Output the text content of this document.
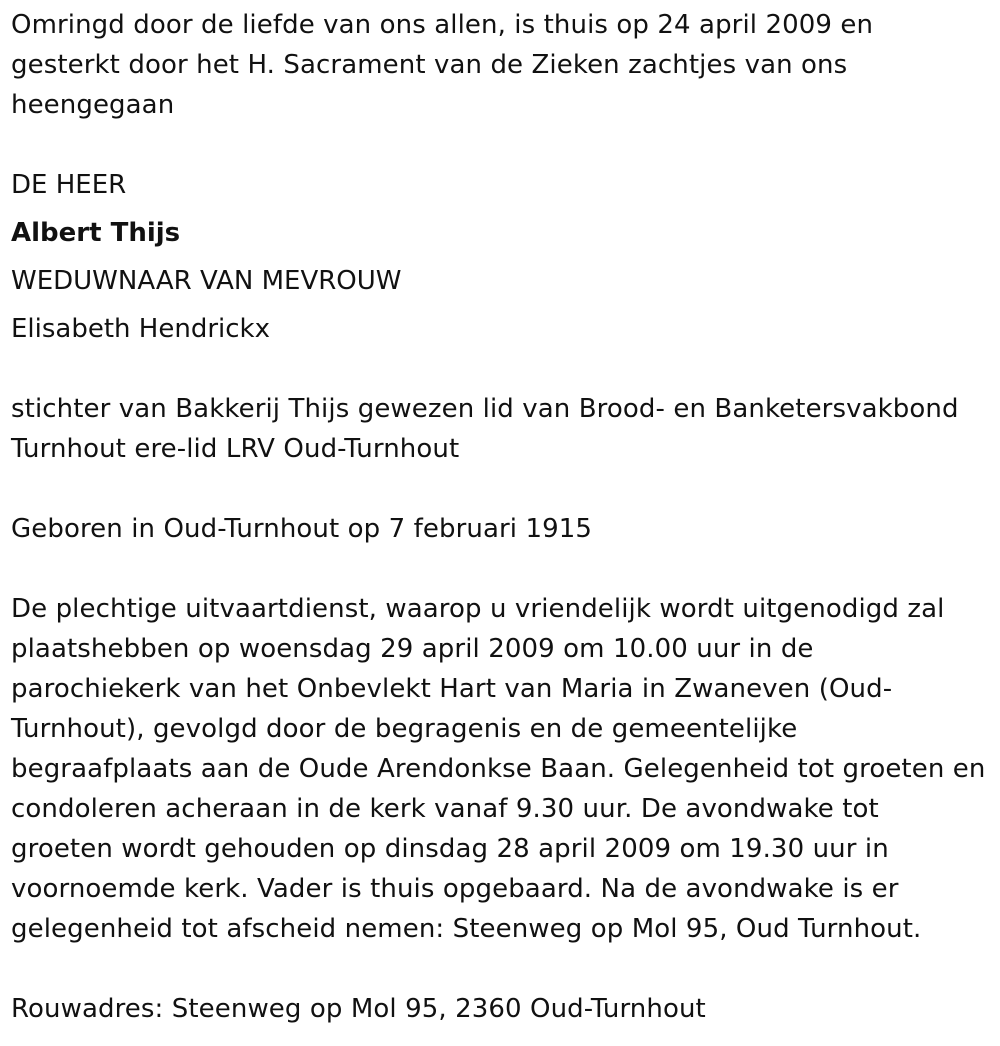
Omringd door de liefde van ons allen, is thuis op 24 april 2009 en gesterkt door het H. Sacrament van de Zieken zachtjes van ons heengegaan

DE HEER

Albert Thijs

WEDUWNAAR VAN MEVROUW

Elisabeth Hendrickx

stichter van Bakkerij Thijs gewezen lid van Brood- en Banketersvakbond Turnhout ere-lid LRV Oud-Turnhout

Geboren in Oud-Turnhout op 7 februari 1915

De plechtige uitvaartdienst, waarop u vriendelijk wordt uitgenodigd zal plaatshebben op woensdag 29 april 2009 om 10.00 uur in de parochiekerk van het Onbevlekt Hart van Maria in Zwaneven (Oud-Turnhout), gevolgd door de begragenis en de gemeentelijke begraafplaats aan de Oude Arendonkse Baan. Gelegenheid tot groeten en condoleren acheraan in de kerk vanaf 9.30 uur. De avondwake tot groeten wordt gehouden op dinsdag 28 april 2009 om 19.30 uur in voornoemde kerk. Vader is thuis opgebaard. Na de avondwake is er gelegenheid tot afscheid nemen: Steenweg op Mol 95, Oud Turnhout.

Rouwadres: Steenweg op Mol 95, 2360 Oud-Turnhout
